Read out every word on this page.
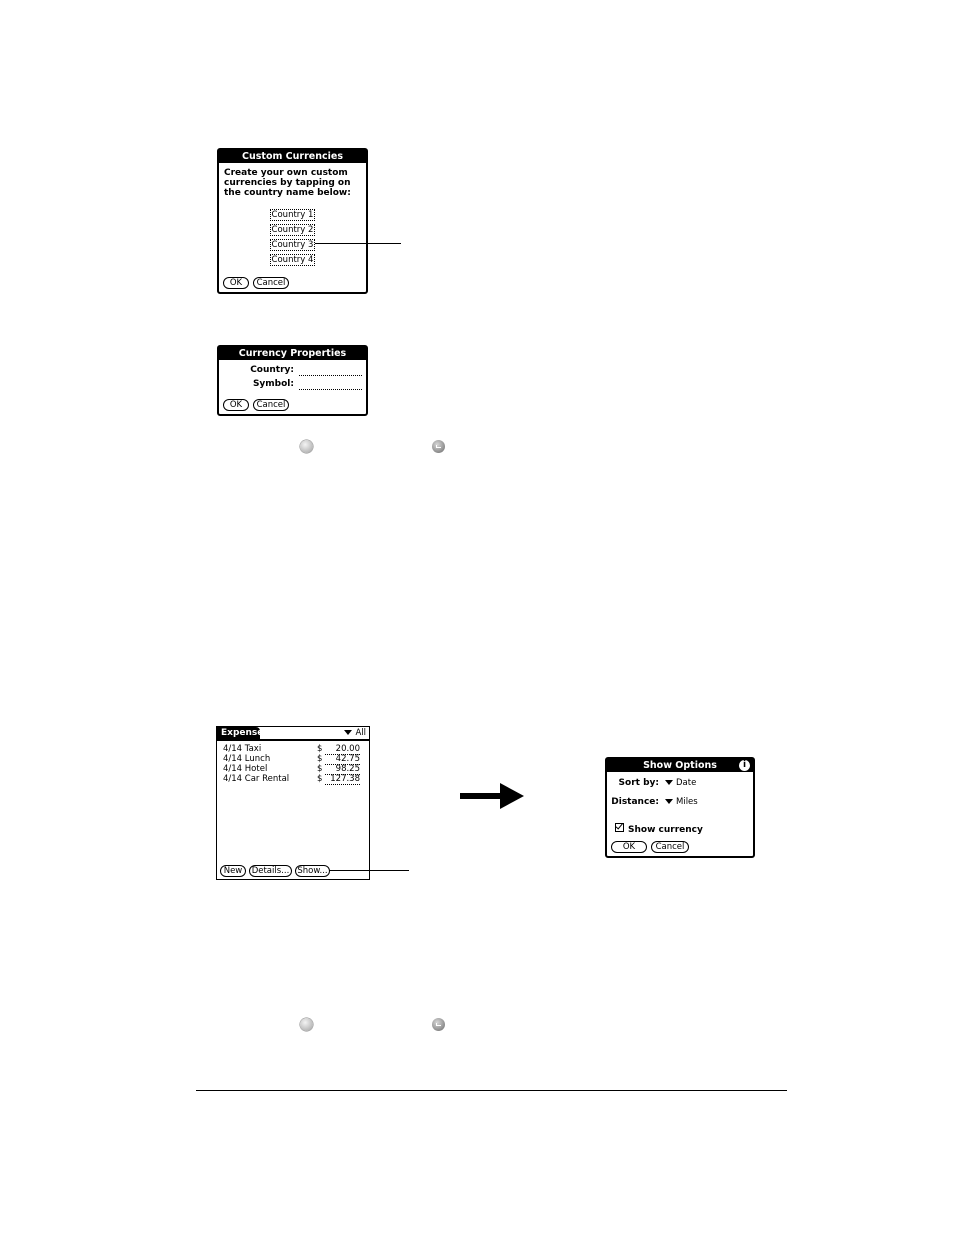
Custom Currencies
Create your own custom
currencies by tapping on
the country name below:
Country 1
Country 2
Country 3
Country 4
OK	Cancel
Currency Properties
Country:
Symbol:
OK	Cancel
Expense	All
4/14 Taxi	$	20.00
4/14 Lunch	$	42.75
4/14 Hotel	$	98.25
4/14 Car Rental	$ 127.38
New	Details... Show...
Show Options	i
Sort by:	Date
Distance:	Miles
Show currency
OK	Cancel
